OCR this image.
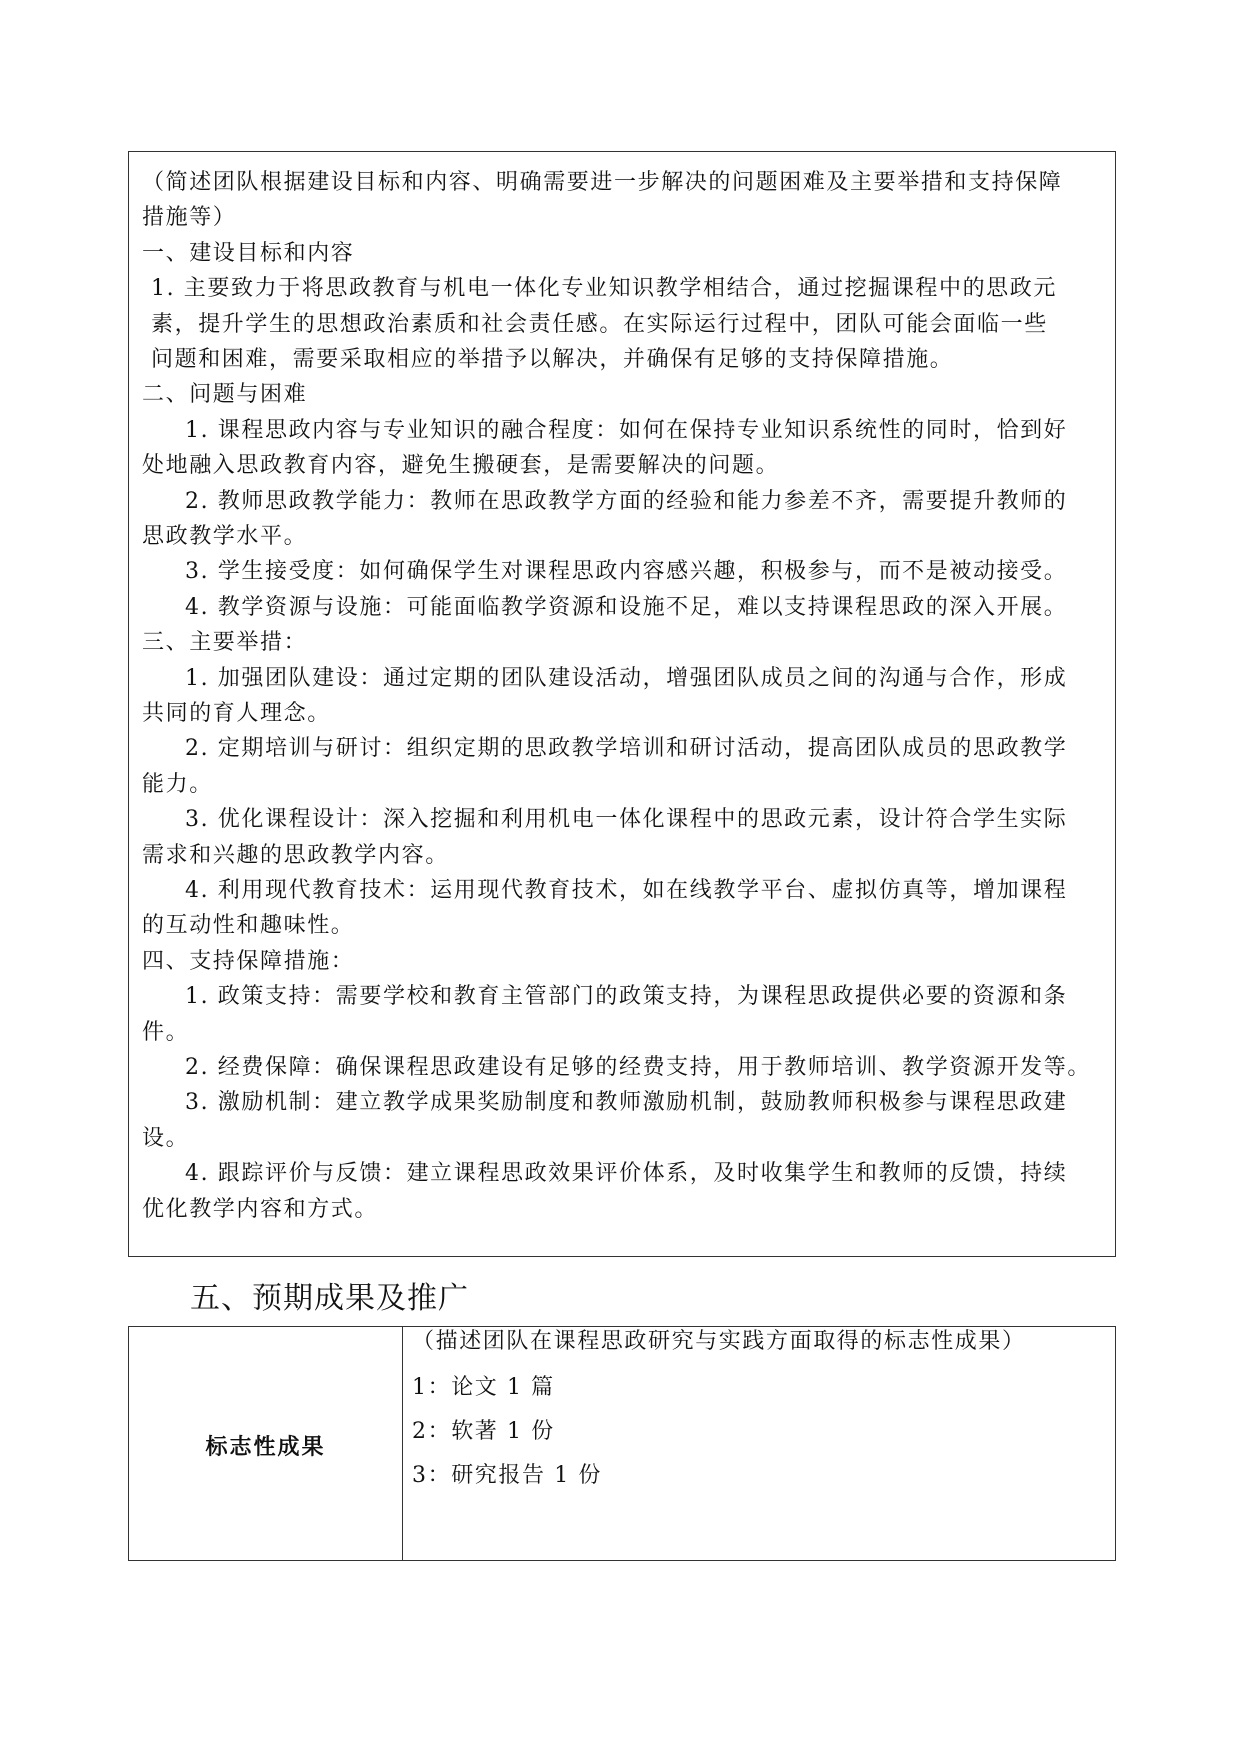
（简述团队根据建设目标和内容、明确需要进一步解决的问题困难及主要举措和支持保障
措施等）
一、建设目标和内容
1. 主要致力于将思政教育与机电一体化专业知识教学相结合，通过挖掘课程中的思政元
素，提升学生的思想政治素质和社会责任感。在实际运行过程中，团队可能会面临一些
问题和困难，需要采取相应的举措予以解决，并确保有足够的支持保障措施。
二、问题与困难
1. 课程思政内容与专业知识的融合程度：如何在保持专业知识系统性的同时，恰到好
处地融入思政教育内容，避免生搬硬套，是需要解决的问题。
2. 教师思政教学能力：教师在思政教学方面的经验和能力参差不齐，需要提升教师的
思政教学水平。
3. 学生接受度：如何确保学生对课程思政内容感兴趣，积极参与，而不是被动接受。
4. 教学资源与设施：可能面临教学资源和设施不足，难以支持课程思政的深入开展。
三、主要举措：
1. 加强团队建设：通过定期的团队建设活动，增强团队成员之间的沟通与合作，形成
共同的育人理念。
2. 定期培训与研讨：组织定期的思政教学培训和研讨活动，提高团队成员的思政教学
能力。
3. 优化课程设计：深入挖掘和利用机电一体化课程中的思政元素，设计符合学生实际
需求和兴趣的思政教学内容。
4. 利用现代教育技术：运用现代教育技术，如在线教学平台、虚拟仿真等，增加课程
的互动性和趣味性。
四、支持保障措施：
1. 政策支持：需要学校和教育主管部门的政策支持，为课程思政提供必要的资源和条
件。
2. 经费保障：确保课程思政建设有足够的经费支持，用于教师培训、教学资源开发等。
3. 激励机制：建立教学成果奖励制度和教师激励机制，鼓励教师积极参与课程思政建
设。
4. 跟踪评价与反馈：建立课程思政效果评价体系，及时收集学生和教师的反馈，持续
优化教学内容和方式。
五、预期成果及推广
标志性成果
（描述团队在课程思政研究与实践方面取得的标志性成果）
1：论文 1 篇
2：软著 1 份
3：研究报告 1 份
